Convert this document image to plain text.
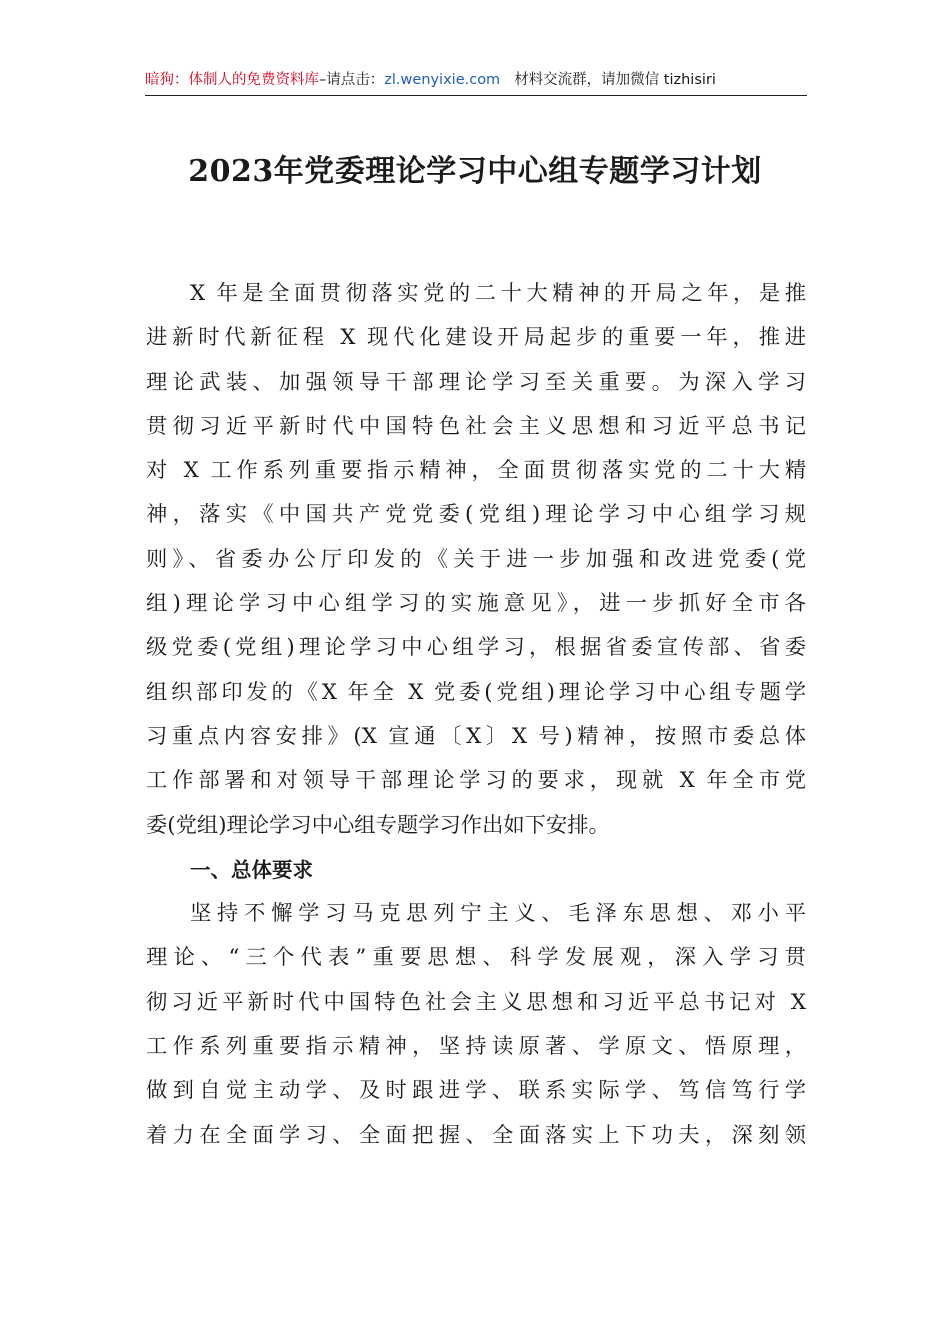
暗狗：体制人的免费资料库–请点击：zl.wenyixie.com 材料交流群，请加微信 tizhisiri
2023年党委理论学习中心组专题学习计划
X 年是全面贯彻落实党的二十大精神的开局之年，是推
进新时代新征程 X 现代化建设开局起步的重要一年，推进
理论武装、加强领导干部理论学习至关重要。为深入学习
贯彻习近平新时代中国特色社会主义思想和习近平总书记
对 X 工作系列重要指示精神，全面贯彻落实党的二十大精
神，落实《中国共产党党委(党组)理论学习中心组学习规
则》、省委办公厅印发的《关于进一步加强和改进党委(党
组)理论学习中心组学习的实施意见》，进一步抓好全市各
级党委(党组)理论学习中心组学习，根据省委宣传部、省委
组织部印发的《X 年全 X 党委(党组)理论学习中心组专题学
习重点内容安排》(X 宣通〔X〕X 号)精神，按照市委总体
工作部署和对领导干部理论学习的要求，现就 X 年全市党
委(党组)理论学习中心组专题学习作出如下安排。
一、总体要求
坚持不懈学习马克思列宁主义、毛泽东思想、邓小平
理论、“三个代表”重要思想、科学发展观，深入学习贯
彻习近平新时代中国特色社会主义思想和习近平总书记对 X
工作系列重要指示精神，坚持读原著、学原文、悟原理，
做到自觉主动学、及时跟进学、联系实际学、笃信笃行学
着力在全面学习、全面把握、全面落实上下功夫，深刻领
